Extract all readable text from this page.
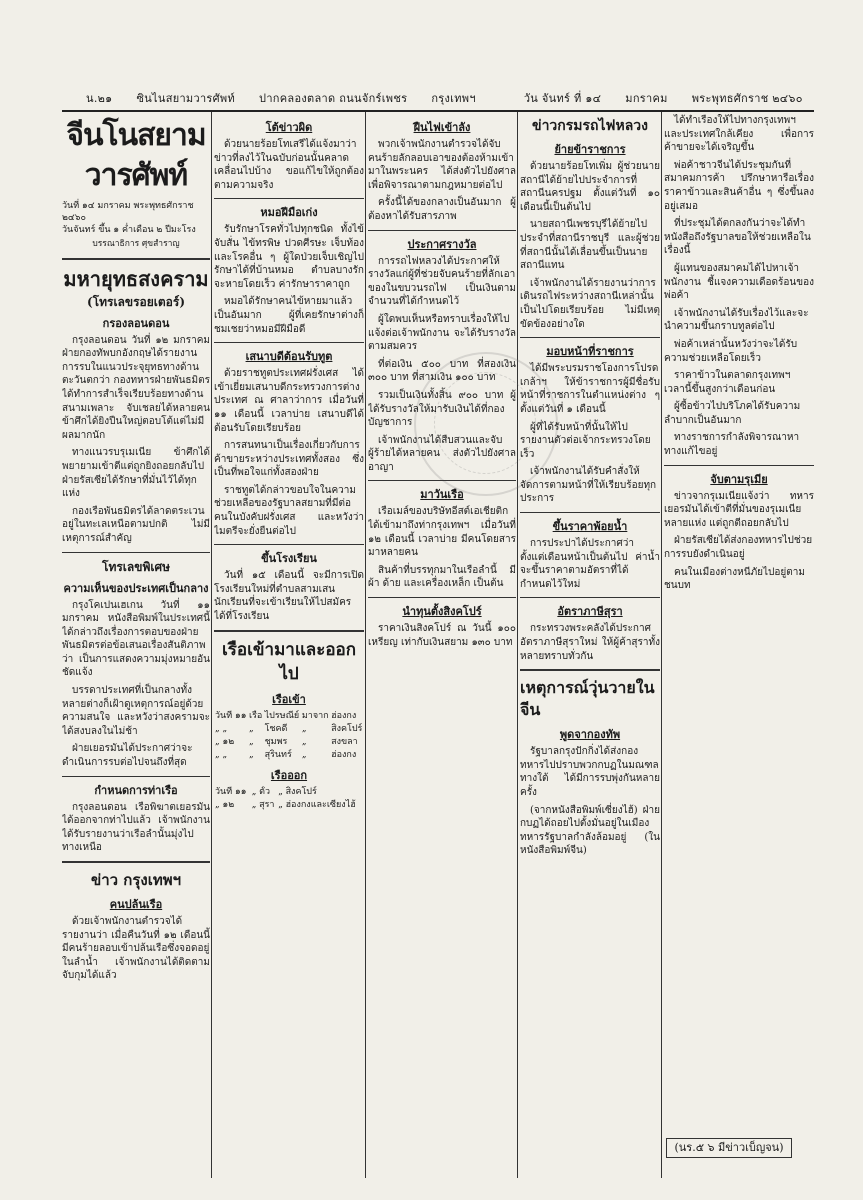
น.๒๑ ซินไนสยามวารศัพท์ ปากคลองตลาด ถนนจักร์เพชร กรุงเทพฯ	วัน จันทร์ ที่ ๑๔ มกราคม พระพุทธศักราช ๒๔๖๐
จีนโนสยามวารศัพท์
วันที่ ๑๔ มกราคม พระพุทธศักราช ๒๔๖๐
วันจันทร์ ขึ้น ๑ ค่ำเดือน ๒ ปีมะโรง
บรรณาธิการ ศุขสำราญ
มหายุทธสงคราม
(โทรเลขรอยเตอร์)
กรองลอนดอน

กรุงลอนดอน วันที่ ๑๒ มกราคม ฝ่ายกองทัพบกอังกฤษได้รายงานการรบในแนวประจุยุทธทางด้านตะวันตกว่า กองทหารฝ่ายพันธมิตรได้ทำการสำเร็จเรียบร้อยทางด้านสนามเพลาะ จับเชลยได้หลายคน ข้าศึกได้ยิงปืนใหญ่ตอบโต้แต่ไม่มีผลมากนัก

ทางแนวรบรุเมเนีย ข้าศึกได้พยายามเข้าตีแต่ถูกยิงถอยกลับไป ฝ่ายรัสเซียได้รักษาที่มั่นไว้ได้ทุกแห่ง

กองเรือพันธมิตรได้ลาดตระเวนอยู่ในทะเลเหนือตามปกติ ไม่มีเหตุการณ์สำคัญ

โทรเลขพิเศษ
ความเห็นของประเทศเป็นกลาง

กรุงโคเปนเฮเกน วันที่ ๑๑ มกราคม หนังสือพิมพ์ในประเทศนี้ได้กล่าวถึงเรื่องการตอบของฝ่ายพันธมิตรต่อข้อเสนอเรื่องสันติภาพว่า เป็นการแสดงความมุ่งหมายอันชัดแจ้ง

บรรดาประเทศที่เป็นกลางทั้งหลายต่างก็เฝ้าดูเหตุการณ์อยู่ด้วยความสนใจ และหวังว่าสงครามจะได้สงบลงในไม่ช้า

ฝ่ายเยอรมันได้ประกาศว่าจะดำเนินการรบต่อไปจนถึงที่สุด

กำหนดการท่าเรือ

กรุงลอนดอน เรือพิฆาตเยอรมันได้ออกจากท่าไปแล้ว เจ้าพนักงานได้รับรายงานว่าเรือลำนั้นมุ่งไปทางเหนือ

ข่าว กรุงเทพฯ
คนปล้นเรือ

ด้วยเจ้าพนักงานตำรวจได้รายงานว่า เมื่อคืนวันที่ ๑๒ เดือนนี้ มีคนร้ายลอบเข้าปล้นเรือซึ่งจอดอยู่ในลำน้ำ เจ้าพนักงานได้ติดตามจับกุมได้แล้ว

โต้ข่าวผิด

ด้วยนายร้อยโทเสรีได้แจ้งมาว่า ข่าวที่ลงไว้ในฉบับก่อนนั้นคลาดเคลื่อนไปบ้าง ขอแก้ไขให้ถูกต้องตามความจริง

หมอฝีมือเก่ง

รับรักษาโรคทั่วไปทุกชนิด ทั้งไข้จับสั่น ไข้ทรพิษ ปวดศีรษะ เจ็บท้อง และโรคอื่น ๆ ผู้ใดป่วยเจ็บเชิญไปรักษาได้ที่บ้านหมอ ตำบลบางรัก จะหายโดยเร็ว ค่ารักษาราคาถูก

หมอได้รักษาคนไข้หายมาแล้วเป็นอันมาก ผู้ที่เคยรักษาต่างก็ชมเชยว่าหมอมีฝีมือดี

เสนาบดีต้อนรับทูต

ด้วยราชทูตประเทศฝรั่งเศส ได้เข้าเยี่ยมเสนาบดีกระทรวงการต่างประเทศ ณ ศาลาว่าการ เมื่อวันที่ ๑๑ เดือนนี้ เวลาบ่าย เสนาบดีได้ต้อนรับโดยเรียบร้อย

การสนทนาเป็นเรื่องเกี่ยวกับการค้าขายระหว่างประเทศทั้งสอง ซึ่งเป็นที่พอใจแก่ทั้งสองฝ่าย

ราชทูตได้กล่าวขอบใจในความช่วยเหลือของรัฐบาลสยามที่มีต่อคนในบังคับฝรั่งเศส และหวังว่าไมตรีจะยั่งยืนต่อไป

ขึ้นโรงเรียน

วันที่ ๑๕ เดือนนี้ จะมีการเปิดโรงเรียนใหม่ที่ตำบลสามเสน นักเรียนที่จะเข้าเรียนให้ไปสมัครได้ที่โรงเรียน

เรือเข้ามาและออกไป
เรือเข้า
วันที่ ๑๑	เรือ	ไปรษณีย์	มาจาก	ฮ่องกง
„ „	„	โชคดี	„	สิงคโปร์
„ ๑๒	„	ชุมพร	„	สงขลา
„ „	„	สุรินทร์	„	ฮ่องกง
เรือออก
วันที่ ๑๑	„	ตั้ว	„	สิงคโปร์
„ ๑๒	„	สุรา	„	ฮ่องกงและเซี่ยงไฮ้
ฝืนไฟเข้าลัง

พวกเจ้าพนักงานตำรวจได้จับคนร้ายลักลอบเอาของต้องห้ามเข้ามาในพระนคร ได้ส่งตัวไปยังศาลเพื่อพิจารณาตามกฎหมายต่อไป

ครั้งนี้ได้ของกลางเป็นอันมาก ผู้ต้องหาได้รับสารภาพ

ประกาศรางวัล

การรถไฟหลวงได้ประกาศให้รางวัลแก่ผู้ที่ช่วยจับคนร้ายที่ลักเอาของในขบวนรถไฟ เป็นเงินตามจำนวนที่ได้กำหนดไว้

ผู้ใดพบเห็นหรือทราบเรื่องให้ไปแจ้งต่อเจ้าพนักงาน จะได้รับรางวัลตามสมควร

ที่ต่อเงิน ๕๐๐ บาท ที่สองเงิน ๓๐๐ บาท ที่สามเงิน ๑๐๐ บาท

รวมเป็นเงินทั้งสิ้น ๙๐๐ บาท ผู้ได้รับรางวัลให้มารับเงินได้ที่กองบัญชาการ

เจ้าพนักงานได้สืบสวนและจับผู้ร้ายได้หลายคน ส่งตัวไปยังศาลอาญา

มาวันเรือ

เรือเมล์ของบริษัทอีสต์เอเชียติก ได้เข้ามาถึงท่ากรุงเทพฯ เมื่อวันที่ ๑๒ เดือนนี้ เวลาบ่าย มีคนโดยสารมาหลายคน

สินค้าที่บรรทุกมาในเรือลำนี้ มีผ้า ด้าย และเครื่องเหล็ก เป็นต้น

นำทุนตั้งสิงคโปร์

ราคาเงินสิงคโปร์ ณ วันนี้ ๑๐๐ เหรียญ เท่ากับเงินสยาม ๑๓๐ บาท

ข่าวกรมรถไฟหลวง
ย้ายข้าราชการ

ด้วยนายร้อยโทเพิ่ม ผู้ช่วยนายสถานีได้ย้ายไปประจำการที่สถานีนครปฐม ตั้งแต่วันที่ ๑๐ เดือนนี้เป็นต้นไป

นายสถานีเพชรบุรีได้ย้ายไปประจำที่สถานีราชบุรี และผู้ช่วยที่สถานีนั้นได้เลื่อนขึ้นเป็นนายสถานีแทน

เจ้าพนักงานได้รายงานว่าการเดินรถไฟระหว่างสถานีเหล่านั้นเป็นไปโดยเรียบร้อย ไม่มีเหตุขัดข้องอย่างใด

มอบหน้าที่ราชการ

ได้มีพระบรมราชโองการโปรดเกล้าฯ ให้ข้าราชการผู้มีชื่อรับหน้าที่ราชการในตำแหน่งต่าง ๆ ตั้งแต่วันที่ ๑ เดือนนี้

ผู้ที่ได้รับหน้าที่นั้นให้ไปรายงานตัวต่อเจ้ากระทรวงโดยเร็ว

เจ้าพนักงานได้รับคำสั่งให้จัดการตามหน้าที่ให้เรียบร้อยทุกประการ

ขึ้นราคาพ้อยน้ำ

การประปาได้ประกาศว่า ตั้งแต่เดือนหน้าเป็นต้นไป ค่าน้ำจะขึ้นราคาตามอัตราที่ได้กำหนดไว้ใหม่

อัตราภาษีสุรา

กระทรวงพระคลังได้ประกาศอัตราภาษีสุราใหม่ ให้ผู้ค้าสุราทั้งหลายทราบทั่วกัน

เหตุการณ์วุ่นวายในจีน
พูดจากองทัพ

รัฐบาลกรุงปักกิ่งได้ส่งกองทหารไปปราบพวกกบฏในมณฑลทางใต้ ได้มีการรบพุ่งกันหลายครั้ง

(จากหนังสือพิมพ์เซี่ยงไฮ้) ฝ่ายกบฏได้ถอยไปตั้งมั่นอยู่ในเมือง ทหารรัฐบาลกำลังล้อมอยู่ (ในหนังสือพิมพ์จีน)

ได้ทำเรื่องให้ไปทางกรุงเทพฯ และประเทศใกล้เคียง เพื่อการค้าขายจะได้เจริญขึ้น

พ่อค้าชาวจีนได้ประชุมกันที่สมาคมการค้า ปรึกษาหารือเรื่องราคาข้าวและสินค้าอื่น ๆ ซึ่งขึ้นลงอยู่เสมอ

ที่ประชุมได้ตกลงกันว่าจะได้ทำหนังสือถึงรัฐบาลขอให้ช่วยเหลือในเรื่องนี้

ผู้แทนของสมาคมได้ไปหาเจ้าพนักงาน ชี้แจงความเดือดร้อนของพ่อค้า

เจ้าพนักงานได้รับเรื่องไว้และจะนำความขึ้นกราบทูลต่อไป

พ่อค้าเหล่านั้นหวังว่าจะได้รับความช่วยเหลือโดยเร็ว

ราคาข้าวในตลาดกรุงเทพฯ เวลานี้ขึ้นสูงกว่าเดือนก่อน

ผู้ซื้อข้าวไปบริโภคได้รับความลำบากเป็นอันมาก

ทางราชการกำลังพิจารณาหาทางแก้ไขอยู่

จับตามรุเมีย

ข่าวจากรุเมเนียแจ้งว่า ทหารเยอรมันได้เข้าตีที่มั่นของรุเมเนียหลายแห่ง แต่ถูกตีถอยกลับไป

ฝ่ายรัสเซียได้ส่งกองทหารไปช่วย การรบยังดำเนินอยู่

คนในเมืองต่างหนีภัยไปอยู่ตามชนบท

(นร.๕ ๖ มีข่าวเบ็ญจน)
